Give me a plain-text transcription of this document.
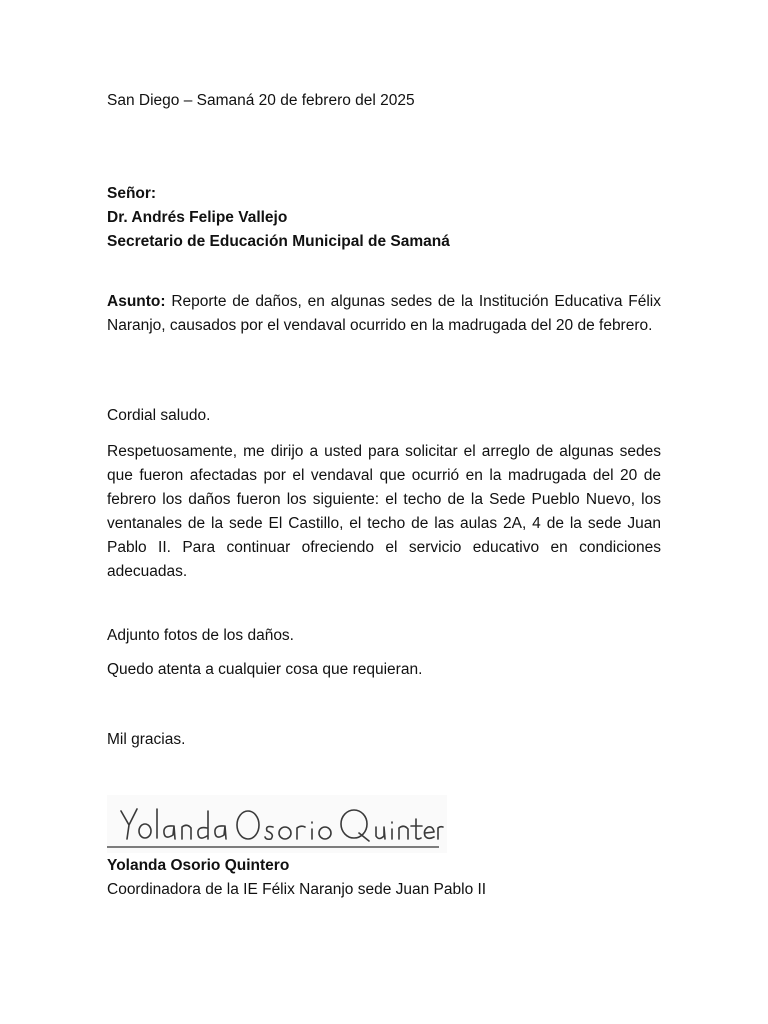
San Diego – Samaná 20 de febrero del 2025
Señor:
Dr. Andrés Felipe Vallejo
Secretario de Educación Municipal de Samaná

Asunto: Reporte de daños, en algunas sedes de la Institución Educativa Félix Naranjo, causados por el vendaval ocurrido en la madrugada del 20 de febrero.

Cordial saludo.

Respetuosamente, me dirijo a usted para solicitar el arreglo de algunas sedes que fueron afectadas por el vendaval que ocurrió en la madrugada del 20 de febrero los daños fueron los siguiente: el techo de la Sede Pueblo Nuevo, los ventanales de la sede El Castillo, el techo de las aulas 2A, 4 de la sede Juan Pablo II. Para continuar ofreciendo el servicio educativo en condiciones adecuadas.

Adjunto fotos de los daños.
Quedo atenta a cualquier cosa que requieran.
Mil gracias.
Yolanda Osorio Quintero
Coordinadora de la IE Félix Naranjo sede Juan Pablo II
